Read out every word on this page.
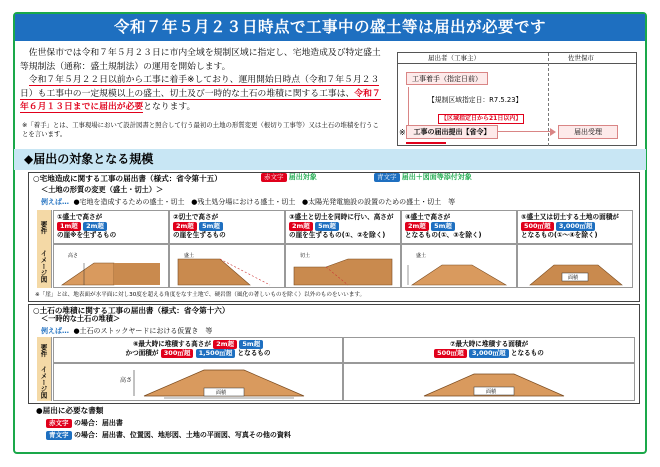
令和７年５月２３日時点で工事中の盛土等は届出が必要です
佐世保市では令和７年５月２３日に市内全域を規制区域に指定し、宅地造成及び特定盛土等規制法（通称：盛土規制法）の運用を開始します。
令和７年５月２２日以前から工事に着手※しており、運用開始日時点（令和７年５月２３日）も工事中の一定規模以上の盛土、切土及び一時的な土石の堆積に関する工事は、令和７年６月１３日までに届出が必要となります。
※「着手」とは、工事現場において設計図書と照合して行う最初の土地の形質変更（根切り工事等）又は土石の堆積を行うことを言います。
届出者（工事主）	佐世保市
工事着手（指定日前）
【規制区域指定日：R7.5.23】
【区域指定日から21日以内】
※	工事の届出提出【省令】	届出受理
◆届出の対象となる規模
○宅地造成に関する工事の届出書（様式：省令第十五）
＜土地の形質の変更（盛土・切土）＞
赤文字 届出対象	青文字 届出＋図面等添付対象
例えば… ●宅地を造成するための盛土・切土 ●残土処分場における盛土・切土 ●太陽光発電施設の設置のための盛土・切土　等
要件
イメージ図
①盛土で高さが
1m超 2m超
の崖※を生ずるもの
②切土で高さが
2m超 5m超
の崖を生ずるもの
③盛土と切土を同時に行い、高さが
2m超 5m超
の崖を生ずるもの(①、②を除く)
④盛土で高さが
2m超 5m超
となるもの(①、③を除く)
⑤盛土又は切土する土地の面積が
500㎡超 3,000㎡超
となるもの(①～④を除く)
高さ	盛土	切土	盛土
面積
※「崖」とは、地表面が水平面に対し30度を超える角度をなす土地で、硬岩盤（風化の著しいものを除く）以外のものをいいます。
○土石の堆積に関する工事の届出書（様式：省令第十六）
＜一時的な土石の堆積＞
例えば… ●土石のストックヤードにおける仮置き　等
要件
イメージ図
⑥最大時に堆積する高さが 2m超 5m超
かつ面積が 300㎡超 1,500㎡超 となるもの
⑦最大時に堆積する面積が
500㎡超 3,000㎡超 となるもの
高さ
面積	面積
●届出に必要な書類
赤文字 の場合：届出書
青文字 の場合：届出書、位置図、地形図、土地の平面図、写真その他の資料
